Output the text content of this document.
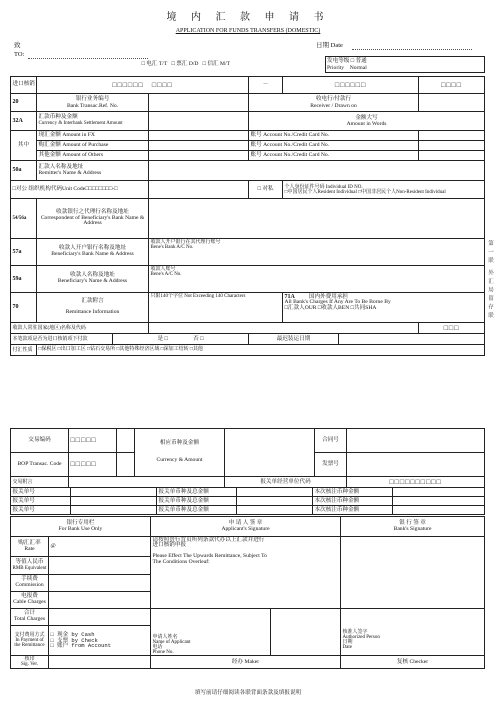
境 内 汇 款 申 请 书
APPLICATION FOR FUNDS TRANSFERS (DOMESTIC)
致
TO:
日期 Date
	□ 电汇 T/T □ 票汇 D/D □ 信汇 M/T	发电等级 □ 普通
Priority Normal
进口核销	□□□□□□ □□□□			－	□□□□□□		□□□□
20	银行业务编号
Bank Transac.Ref. No.			收电行/付款行
Receiver / Drawn on			
32A	汇款币种及金额
Currency & Interbank Settlement Amount			金额大写
Amount in Words			
其中	现汇金额 Amount in FX			账号 Account No./Credit Card No.			
	购汇金额 Amount of Purchase			账号 Account No./Credit Card No.			
	其他金额 Amount of Others			账号 Account No./Credit Card No.			
50a	汇款人名称及地址
Remitter's Name & Address						
□对公 组织机构代码Unit Code□□□□□□□□-□				□ 对私	个人身份证件号码 Individual ID NO.
□中国居民个人Resident Individual □中国非居民个人Non-Resident Individual		
54/56a	收款银行之代理行名称及地址
Correspondent of Beneficiary's Bank Name & Address						
57a	收款人开户银行名称及地址
Beneficiary's Bank Name & Address		收款人开户银行在其代理行账号
Bene's Bank A/C No.				
59a	收款人名称及地址
Beneficiary's Name & Address		收款人账号
Bene's A/C No.				
70	汇款附言

Remittance Information		只限140个字位 Not Exceeding 140 Characters		71A 国内外费用承担
All Bank's Charges If Any Are To Be Borne By
□汇款人OUR □收款人BEN □共同SHA		
收款人常驻国家(地区)名称及代码							□□□
本笔款项是否为进口核销项下付款		是 □ 否 □		最迟装运日期			
付汇性质	□保税区 □出口加工区 □钻石交易所 □其他特殊经济区域 □深加工结转 □其他						
交易编码	□□□□□		相应币种及金额

Currency & Amount		合同号	
BOP Transac. Code	□□□□□				发票号	
交易附言				报关单经营单位代码		□□□□□□□□□□
报关单号		报关单币种及总金额		本次核注币种金额	
报关单号		报关单币种及总金额		本次核注币种金额	
报关单号		报关单币种及总金额		本次核注币种金额	
银行专用栏
For Bank Use Only		申 请 人 签 章
Applicant's Signature		银 行 签 章
Bank's Signature
购汇汇率
Rate	@	请按照贵行背页所列条款代办以上汇款并进行
进口核销申报

Please Effect The Upwards Remittance, Subject To
The Conditions Overleaf:		
等值人民币
RMB Equivalent				
手续费
Commission				
电报费
Cable Charges				
合计
Total Charges		申请人姓名
Name of Applicant
电话
Phone No.		核准人签字
Authorized Person
日期
Date

支付费用方式
In Payment of the Remittance	□ 现金 by Cash
□ 支票 by Check
□ 账户 from Account			
核印
Sig. Ver.		经办 Maker		复核 Checker
填写前请仔细阅读各联背面条款及填报说明
第一联 外汇局留存联
